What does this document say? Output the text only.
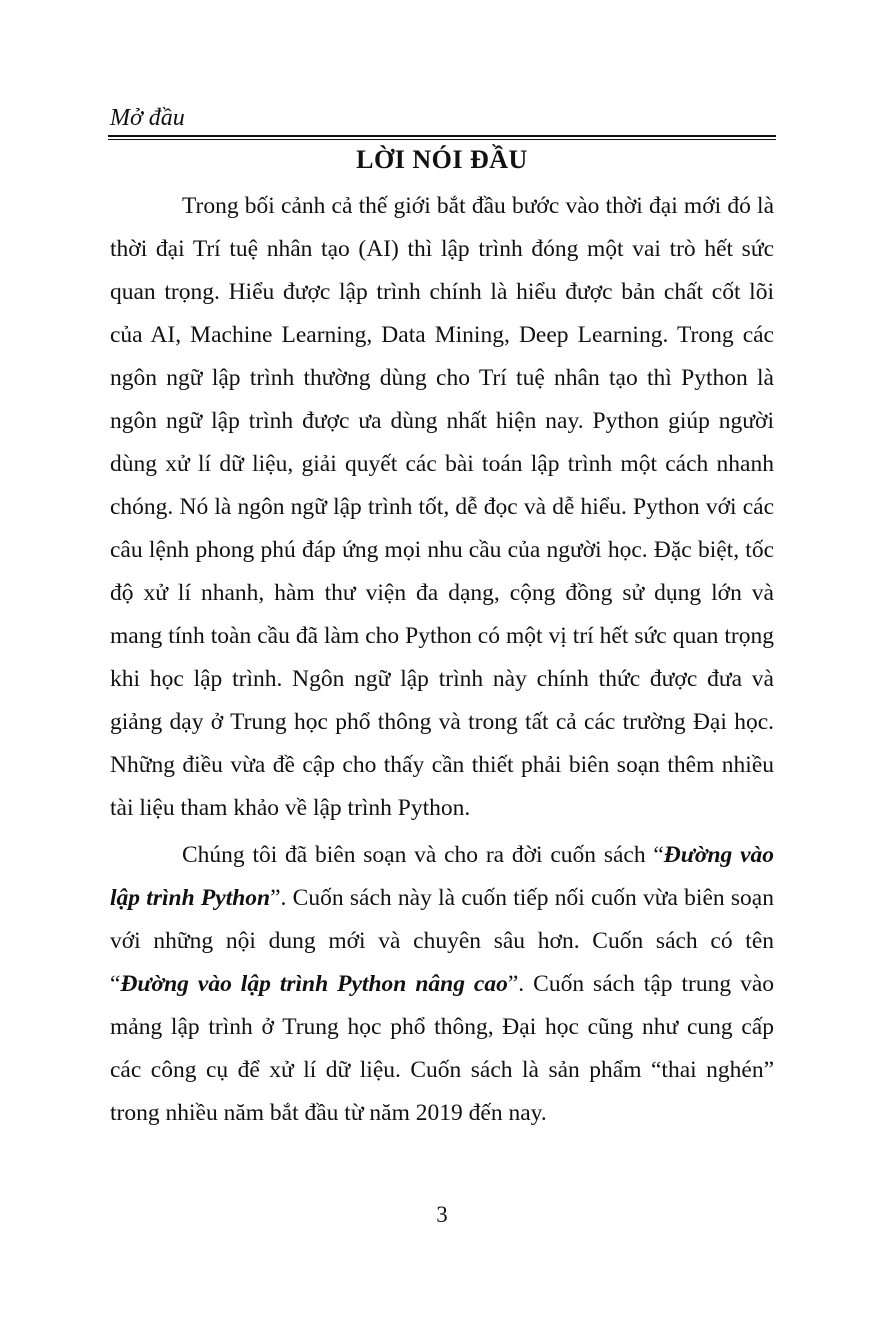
Mở đầu

LỜI NÓI ĐẦU

Trong bối cảnh cả thế giới bắt đầu bước vào thời đại mới đó là thời đại Trí tuệ nhân tạo (AI) thì lập trình đóng một vai trò hết sức quan trọng. Hiểu được lập trình chính là hiểu được bản chất cốt lõi của AI, Machine Learning, Data Mining, Deep Learning. Trong các ngôn ngữ lập trình thường dùng cho Trí tuệ nhân tạo thì Python là ngôn ngữ lập trình được ưa dùng nhất hiện nay. Python giúp người dùng xử lí dữ liệu, giải quyết các bài toán lập trình một cách nhanh chóng. Nó là ngôn ngữ lập trình tốt, dễ đọc và dễ hiểu. Python với các câu lệnh phong phú đáp ứng mọi nhu cầu của người học. Đặc biệt, tốc độ xử lí nhanh, hàm thư viện đa dạng, cộng đồng sử dụng lớn và mang tính toàn cầu đã làm cho Python có một vị trí hết sức quan trọng khi học lập trình. Ngôn ngữ lập trình này chính thức được đưa và giảng dạy ở Trung học phổ thông và trong tất cả các trường Đại học. Những điều vừa đề cập cho thấy cần thiết phải biên soạn thêm nhiều tài liệu tham khảo về lập trình Python.

Chúng tôi đã biên soạn và cho ra đời cuốn sách “Đường vào lập trình Python”. Cuốn sách này là cuốn tiếp nối cuốn vừa biên soạn với những nội dung mới và chuyên sâu hơn. Cuốn sách có tên “Đường vào lập trình Python nâng cao”. Cuốn sách tập trung vào mảng lập trình ở Trung học phổ thông, Đại học cũng như cung cấp các công cụ để xử lí dữ liệu. Cuốn sách là sản phẩm “thai nghén” trong nhiều năm bắt đầu từ năm 2019 đến nay.

3
